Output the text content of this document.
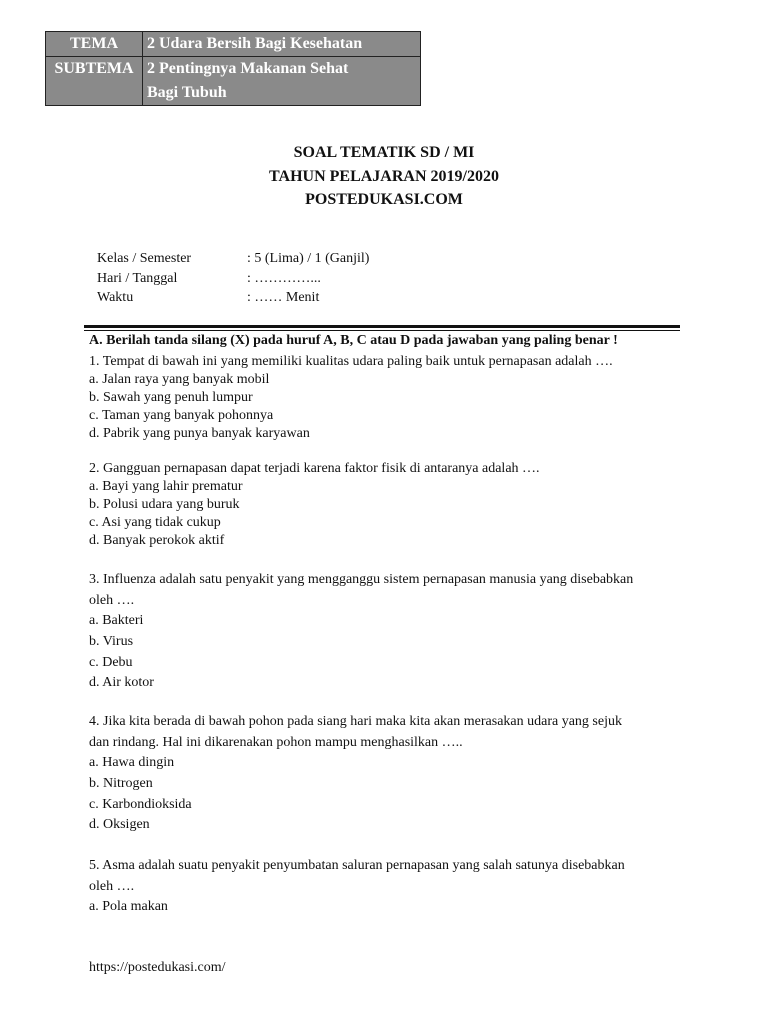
TEMA	2 Udara Bersih Bagi Kesehatan
SUBTEMA	2 Pentingnya Makanan Sehat
Bagi Tubuh
SOAL TEMATIK SD / MI
TAHUN PELAJARAN 2019/2020
POSTEDUKASI.COM
Kelas / Semester	: 5 (Lima) / 1 (Ganjil)
Hari / Tanggal	: …………...
Waktu	: …… Menit
A. Berilah tanda silang (X) pada huruf A, B, C atau D pada jawaban yang paling benar !
1. Tempat di bawah ini yang memiliki kualitas udara paling baik untuk pernapasan adalah ….
a. Jalan raya yang banyak mobil
b. Sawah yang penuh lumpur
c. Taman yang banyak pohonnya
d. Pabrik yang punya banyak karyawan
2. Gangguan pernapasan dapat terjadi karena faktor fisik di antaranya adalah ….
a. Bayi yang lahir prematur
b. Polusi udara yang buruk
c. Asi yang tidak cukup
d. Banyak perokok aktif
3. Influenza adalah satu penyakit yang mengganggu sistem pernapasan manusia yang disebabkan
oleh ….
a. Bakteri
b. Virus
c. Debu
d. Air kotor
4. Jika kita berada di bawah pohon pada siang hari maka kita akan merasakan udara yang sejuk
dan rindang. Hal ini dikarenakan pohon mampu menghasilkan …..
a. Hawa dingin
b. Nitrogen
c. Karbondioksida
d. Oksigen
5. Asma adalah suatu penyakit penyumbatan saluran pernapasan yang salah satunya disebabkan
oleh ….
a. Pola makan
https://postedukasi.com/
